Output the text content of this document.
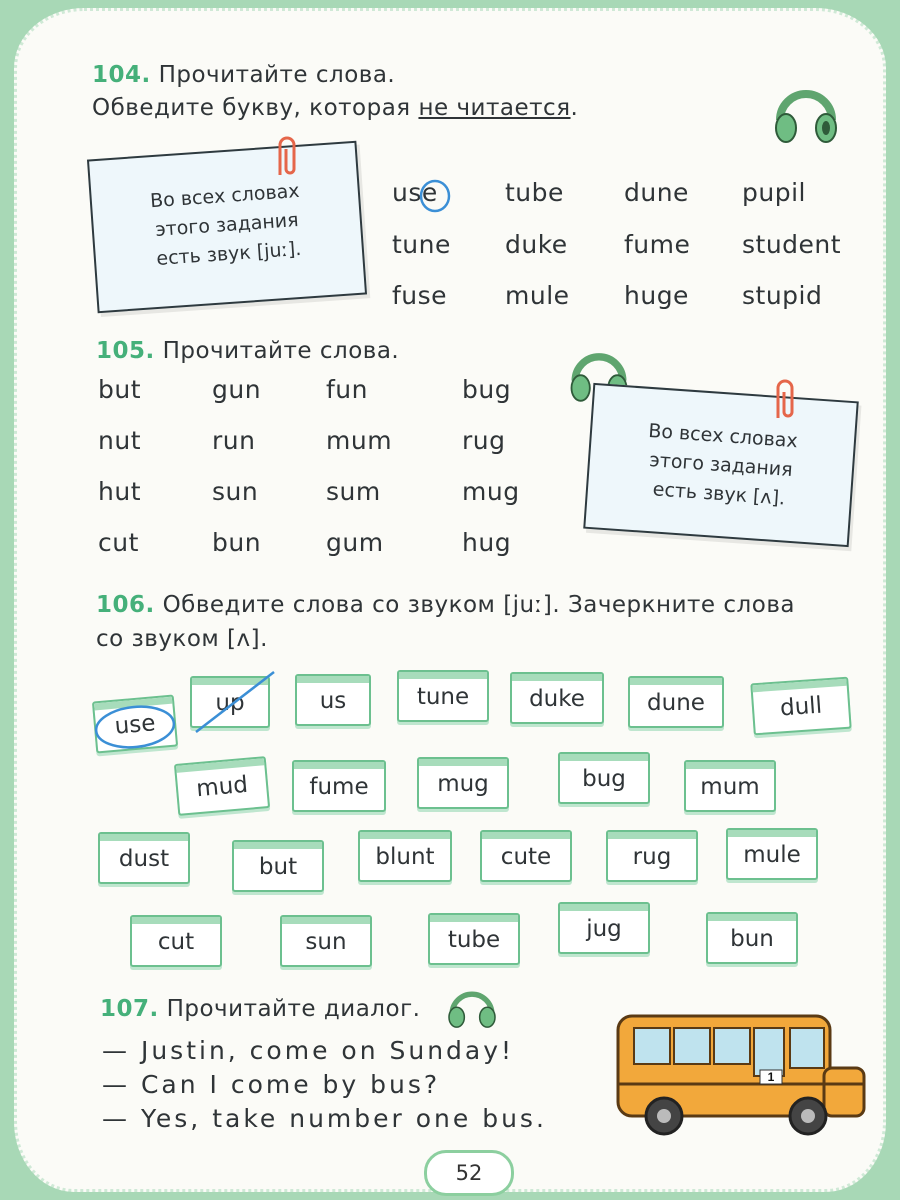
104. Прочитайте слова.
Обведите букву, которая не читается.
Во всех словах
этого задания
есть звук [juː].
use	tube dune pupil
tune duke fume student
fuse mule huge stupid
105. Прочитайте слова.
but	gun	fun	bug
nut	run	mum	rug
hut	sun	sum	mug
cut	bun	gum	hug
Во всех словах
этого задания
есть звук [ʌ].
106. Обведите слова со звуком [juː]. Зачеркните слова
со звуком [ʌ].
use
up	us	tune	duke	dune	dull
mud	fume	mug	bug	mum
dust	but	blunt	cute	rug	mule
cut	sun	tube	jug	bun
107. Прочитайте диалог.
— Justin, come on Sunday!
— Can I come by bus?
— Yes, take number one bus.
1
52
